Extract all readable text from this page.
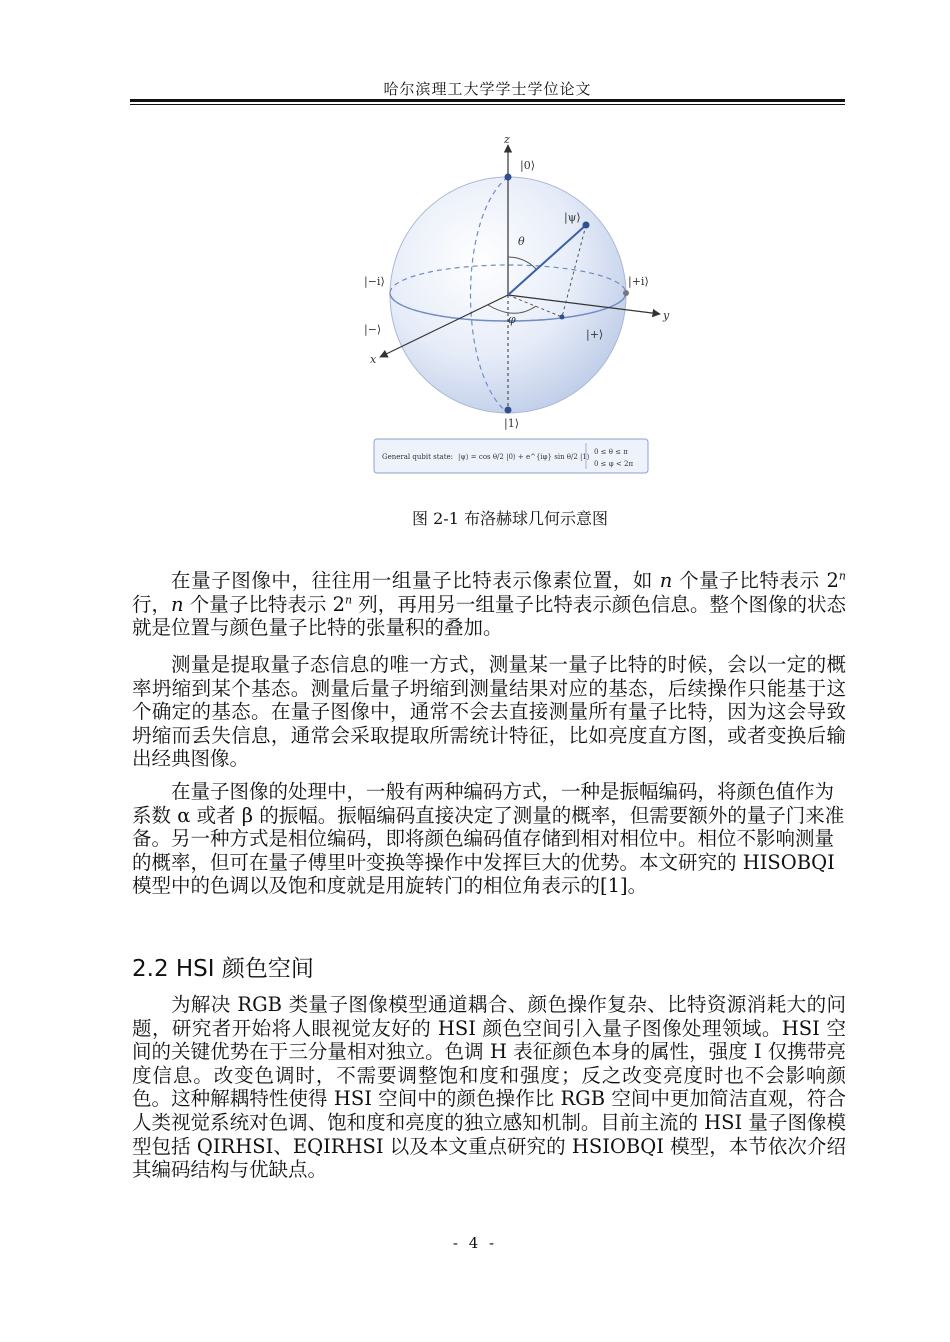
哈尔滨理工大学学士学位论文
z
|0⟩
|ψ⟩
θ
|−i⟩	|+i⟩
y
φ
|−⟩	|+⟩
x
|1⟩
General qubit state: |ψ⟩ = cos θ/2 |0⟩ + e^{iφ} sin θ/2 |1⟩
0 ≤ θ ≤ π
0 ≤ φ < 2π
图 2-1 布洛赫球几何示意图

在量子图像中，往往用一组量子比特表示像素位置，如 n 个量子比特表示 2$^n$ 行，n 个量子比特表示 2$^n$ 列，再用另一组量子比特表示颜色信息。整个图像的状态就是位置与颜色量子比特的张量积的叠加。

测量是提取量子态信息的唯一方式，测量某一量子比特的时候，会以一定的概率坍缩到某个基态。测量后量子坍缩到测量结果对应的基态，后续操作只能基于这个确定的基态。在量子图像中，通常不会去直接测量所有量子比特，因为这会导致坍缩而丢失信息，通常会采取提取所需统计特征，比如亮度直方图，或者变换后输出经典图像。

在量子图像的处理中，一般有两种编码方式，一种是振幅编码，将颜色值作为系数 α 或者 β 的振幅。振幅编码直接决定了测量的概率，但需要额外的量子门来准备。另一种方式是相位编码，即将颜色编码值存储到相对相位中。相位不影响测量的概率，但可在量子傅里叶变换等操作中发挥巨大的优势。本文研究的 HISOBQI 模型中的色调以及饱和度就是用旋转门的相位角表示的[1]。

2.2 HSI 颜色空间

为解决 RGB 类量子图像模型通道耦合、颜色操作复杂、比特资源消耗大的问题，研究者开始将人眼视觉友好的 HSI 颜色空间引入量子图像处理领域。HSI 空间的关键优势在于三分量相对独立。色调 H 表征颜色本身的属性，强度 I 仅携带亮度信息。改变色调时，不需要调整饱和度和强度；反之改变亮度时也不会影响颜色。这种解耦特性使得 HSI 空间中的颜色操作比 RGB 空间中更加简洁直观，符合人类视觉系统对色调、饱和度和亮度的独立感知机制。目前主流的 HSI 量子图像模型包括 QIRHSI、EQIRHSI 以及本文重点研究的 HSIOBQI 模型，本节依次介绍其编码结构与优缺点。

- 4 -
